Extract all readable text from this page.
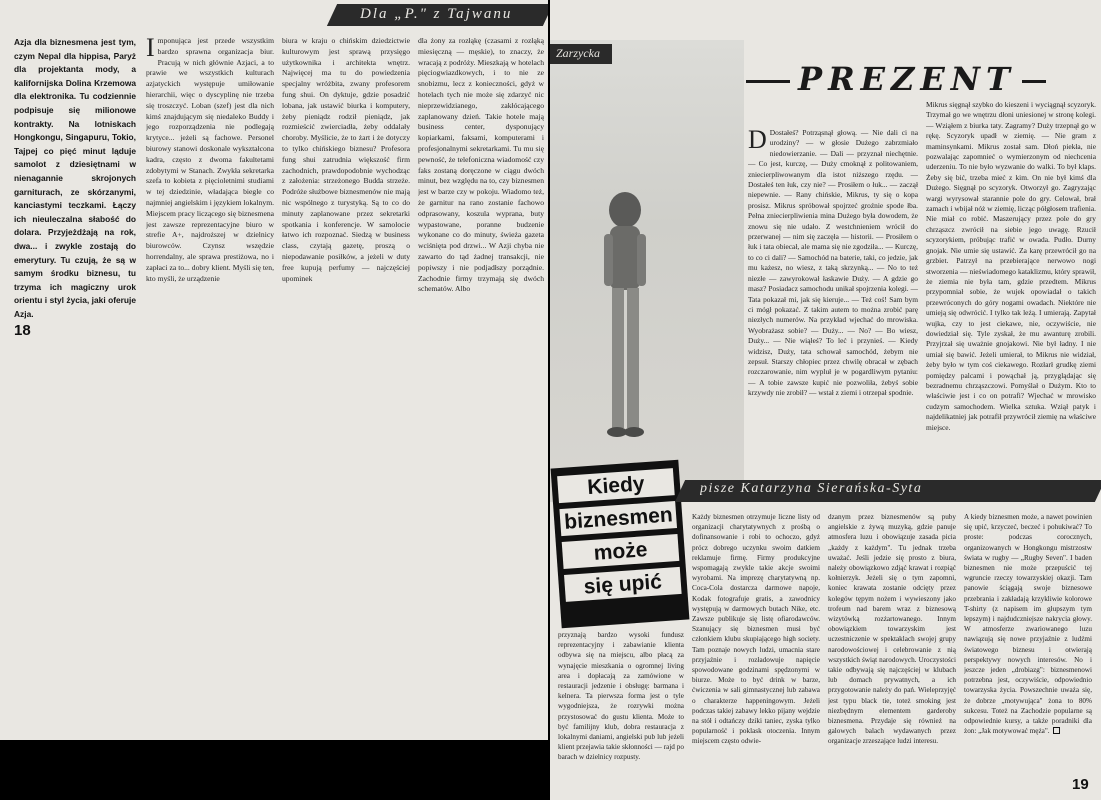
Dla „P." z Tajwanu
Azja dla biznesmena jest tym, czym Nepal dla hippisa, Paryż dla projektanta mody, a kalifornijska Dolina Krzemowa dla elektronika. Tu codziennie podpisuje się milionowe kontrakty. Na lotniskach Hongkongu, Singapuru, Tokio, Tajpej co pięć minut ląduje samolot z dziesiętnami w nienagannie skrojonych garniturach, ze skórzanymi, kanciastymi teczkami. Łączy ich nieuleczalna słabość do dolara. Przyjeżdżają na rok, dwa... i zwykle zostają do emerytury. Tu czują, że są w samym środku biznesu, tu trzyma ich magiczny urok orientu i styl życia, jaki oferuje Azja.
Imponująca jest przede wszystkim bardzo sprawna organizacja biur. Pracują w nich głównie Azjaci, a to prawie we wszystkich kulturach azjatyckich występuje umiłowanie hierarchii, więc o dyscyplinę nie trzeba się troszczyć. Loban (szef) jest dla nich kimś znajdującym się niedaleko Buddy i jego rozporządzenia nie podlegają krytyce... jeżeli są fachowe. Personel biurowy stanowi doskonale wykształcona kadra, często z dwoma fakultetami zdobytymi w Stanach. Zwykła sekretarka szefa to kobieta z pięcioletnimi studiami w tej dziedzinie, władająca biegle co najmniej angielskim i językiem lokalnym. Miejscem pracy liczącego się biznesmena jest zawsze reprezentacyjne biuro w strefie A+, najdroższej w dzielnicy biurowców. Czynsz wszędzie horrendalny, ale sprawa prestiżowa, no i zapłaci za to... dobry klient. Myśli się ten, kto myśli, że urządzenie
biura w kraju o chińskim dziedzictwie kulturowym jest sprawą przysięgo użytkownika i architekta wnętrz. Najwięcej ma tu do powiedzenia specjalny wróżbita, zwany profesorem fung shui. On dyktuje, gdzie posadzić lobana, jak ustawić biurka i komputery, żeby pieniądz rodził pieniądz, jak rozmieścić zwierciadła, żeby oddalały choroby. Myślicie, że to żart i że dotyczy to tylko chińskiego biznesu? Profesora fung shui zatrudnia większość firm zachodnich, prawdopodobnie wychodząc z założenia: strzeżonego Budda strzeże. Podróże służbowe biznesmenów nie mają nic wspólnego z turystyką. Są to co do minuty zaplanowane przez sekretarki spotkania i konferencje. W samolocie łatwo ich rozpoznać. Siedzą w business class, czytają gazetę, proszą o niepodawanie posiłków, a jeżeli w duty free kupują perfumy — najczęściej upominek
dla żony za rozłąkę (czasami z rozłąką miesięczną — męskie), to znaczy, że wracają z podróży. Mieszkają w hotelach pięciogwiazdkowych, i to nie ze snobizmu, lecz z konieczności, gdyż w hotelach tych nie może się zdarzyć nic nieprzewidzianego, zakłócającego zaplanowany dzień. Takie hotele mają business center, dysponujący kopiarkami, faksami, komputerami i profesjonalnymi sekretarkami. Tu mu się pewność, że telefoniczna wiadomość czy faks zostaną doręczone w ciągu dwóch minut, bez względu na to, czy biznesmen jest w barze czy w pokoju. Wiadomo też, że garnitur na rano zostanie fachowo odprasowany, koszula wyprana, buty wypastowane, poranne budzenie wykonane co do minuty, świeża gazeta wciśnięta pod drzwi... W Azji chyba nie zawarto do tąd żadnej transakcji, nie popiwszy i nie podjadłszy porządnie. Zachodnie firmy trzymają się dwóch schematów. Albo
18
Zarzycka
PREZENT
D Dostałeś? Potrząsnął głową. — Nie dali ci na urodziny? — w głosie Dużego zabrzmiało niedowierzanie. — Dali — przyznał niechętnie. — Co jest, kurczę, — Duży cmoknął z politowaniem, zniecierpliwowanym dla istot niższego rzędu. — Dostałeś ten łuk, czy nie? — Prosiłem o łuk... — zaczął niepewnie. — Rany chińskie, Mikrus, ty się o kopa prosisz. Mikrus spróbował spojrzeć groźnie spode łba. Pełna zniecierpliwienia mina Dużego była dowodem, że znowu się nie udało. Z westchnieniem wrócił do przerwanej — nim się zaczęła — historii. — Prosiłem o łuk i tata obiecał, ale mama się nie zgodziła... — Kurczę, to co ci dali? — Samochód na baterie, taki, co jedzie, jak mu każesz, no wiesz, z taką skrzynką... — No to też niezłe — zawyrokował łaskawie Duży. — A gdzie go masz? Posiadacz samochodu unikał spojrzenia kolegi. — Tata pokazał mi, jak się kieruje... — Też coś! Sam bym ci mógł pokazać. Z takim autem to można zrobić parę niezłych numerów. Na przykład wjechać do mrowiska. Wyobrażasz sobie? — Duży... — No? — Bo wiesz, Duży... — Nie wiąłeś? To leć i przynieś. — Kiedy widzisz, Duży, tata schował samochód, żebym nie zepsuł. Starszy chłopiec przez chwilę obracał w zębach rozczarowanie, nim wypluł je w pogardliwym pytaniu: — A tobie zawsze kupić nie pozwoliła, żebyś sobie krzywdy nie zrobił? — wstał z ziemi i otrzepał spodnie.
Mikrus sięgnął szybko do kieszeni i wyciągnął scyzoryk. Trzymał go we wnętrzu dłoni uniesionej w stronę kolegi. — Wziąłem z biurka taty. Zagramy? Duży trzepnął go w rękę. Scyzoryk upadł w ziemię. — Nie gram z maminsynkami. Mikrus został sam. Dłoń piekła, nie pozwalając zapomnieć o wymierzonym od niechcenia uderzeniu. To nie było wyzwanie do walki. To był klaps. Żeby się bić, trzeba mieć z kim. On nie był kimś dla Dużego. Sięgnął po scyzoryk. Otworzył go. Zagryzając wargi wyrysował starannie pole do gry. Celował, brał zamach i wbijał nóż w ziemię, licząc półgłosem trafienia. Nie miał co robić. Maszerujący przez pole do gry chrząszcz zwrócił na siebie jego uwagę. Rzucił scyzorykiem, próbując trafić w owada. Pudło. Durny gnojak. Nie umie się ustawić. Za karę przewrócił go na grzbiet. Patrzył na przebierające nerwowo nogi stworzenia — nieświadomego kataklizmu, który sprawił, że ziemia nie była tam, gdzie przedtem. Mikrus przypomniał sobie, że wujek opowiadał o takich przewróconych do góry nogami owadach. Niektóre nie umieją się odwrócić. I tylko tak leżą. I umierają. Zapytał wujka, czy to jest ciekawe, nie, oczywiście, nie dowiedział się. Tyle zyskał, że mu awanturę zrobili. Przyjrzał się uważnie gnojakowi. Nie był ładny. I nie umiał się bawić. Jeżeli umierał, to Mikrus nie widział, żeby było w tym coś ciekawego. Rozłarł grudkę ziemi pomiędzy palcami i powąchał ją, przyglądając się bezradnemu chrząszczowi. Pomyślał o Dużym. Kto to właściwie jest i co on potrafi? Wjechać w mrowisko cudzym samochodem. Wielka sztuka. Wziął patyk i najdelikatniej jak potrafił przywrócił ziemię na właściwe miejsce.
Kiedy
biznesmen
może
się upić
pisze Katarzyna Sierańska-Syta
przyznają bardzo wysoki fundusz reprezentacyjny i zabawianie klienta odbywa się na miejscu, albo płacą za wynajęcie mieszkania o ogromnej living area i dopłacają za zamówione w restauracji jedzenie i obsługę: barmana i kelnera. Ta pierwsza forma jest o tyle wygodniejsza, że rozrywki można przystosować do gustu klienta. Może to być familijny klub, dobra restauracja z lokalnymi daniami, angielski pub lub jeżeli klient przejawia takie skłonności — rajd po barach w dzielnicy rozpusty.
Każdy biznesmen otrzymuje liczne listy od organizacji charytatywnych z prośbą o dofinansowanie i robi to ochoczo, gdyż prócz dobrego uczynku swoim datkiem reklamuje firmę. Firmy produkcyjne wspomagają zwykle takie akcje swoimi wyrobami. Na imprezę charytatywną np. Coca-Cola dostarcza darmowe napoje, Kodak fotografuje gratis, a zawodnicy występują w darmowych butach Nike, etc. Zawsze publikuje się listę ofiarodawców. Szanujący się biznesmen musi być członkiem klubu skupiającego high society. Tam poznaje nowych ludzi, umacnia stare przyjaźnie i rozładowuje napięcie spowodowane godzinami spędzonymi w biurze. Może to być drink w barze, ćwiczenia w sali gimnastycznej lub zabawa o charakterze happeningowym. Jeżeli podczas takiej zabawy lekko pijany wejdzie na stół i odtańczy dziki taniec, zyska tylko popularność i poklask otoczenia. Innym miejscem często odwie-
dzanym przez biznesmenów są puby angielskie z żywą muzyką, gdzie panuje atmosfera luzu i obowiązuje zasada picia „każdy z każdym". Tu jednak trzeba uważać. Jeśli jedzie się prosto z biura, należy obowiązkowo zdjąć krawat i rozpiąć kołnierzyk. Jeżeli się o tym zapomni, koniec krawata zostanie odcięty przez kolegów tępym nożem i wywieszony jako trofeum nad barem wraz z biznesową wizytówką rozżartowanego. Innym obowiązkiem towarzyskim jest uczestniczenie w spektaklach swojej grupy narodowościowej i celebrowanie z nią wszystkich świąt narodowych. Uroczystości takie odbywają się najczęściej w klubach lub domach prywatnych, a ich przygotowanie należy do pań. Wieleprzyjęć jest typu black tie, toteż smoking jest niezbędnym elementem garderoby biznesmena. Przydaje się również na galowych balach wydawanych przez organizacje zrzeszające ludzi interesu.
A kiedy biznesmen może, a nawet powinien się upić, krzyczeć, beczeć i pohukiwać? To proste: podczas corocznych, organizowanych w Hongkongu mistrzostw świata w rugby — „Rugby Seven". I baden biznesmen nie może przepuścić tej wgruncie rzeczy towarzyskiej okazji. Tam panowie ściągają swoje biznesowe przebrania i zakładają krzykliwie kolorowe T-shirty (z napisem im głupszym tym lepszym) i najdudczniejsze nakrycia głowy. W atmosferze zwariowanego luzu nawiązują się nowe przyjaźnie z ludźmi światowego biznesu i otwierają perspektywy nowych interesów. No i jeszcze jeden „drobiazg": biznesmenowi potrzebna jest, oczywiście, odpowiednio towarzyska życia. Powszechnie uważa się, że dobrze „motywująca" żona to 80% sukcesu. Toteż na Zachodzie popularne są odpowiednie kursy, a także poradniki dla żon: „Jak motywować męża".
19
